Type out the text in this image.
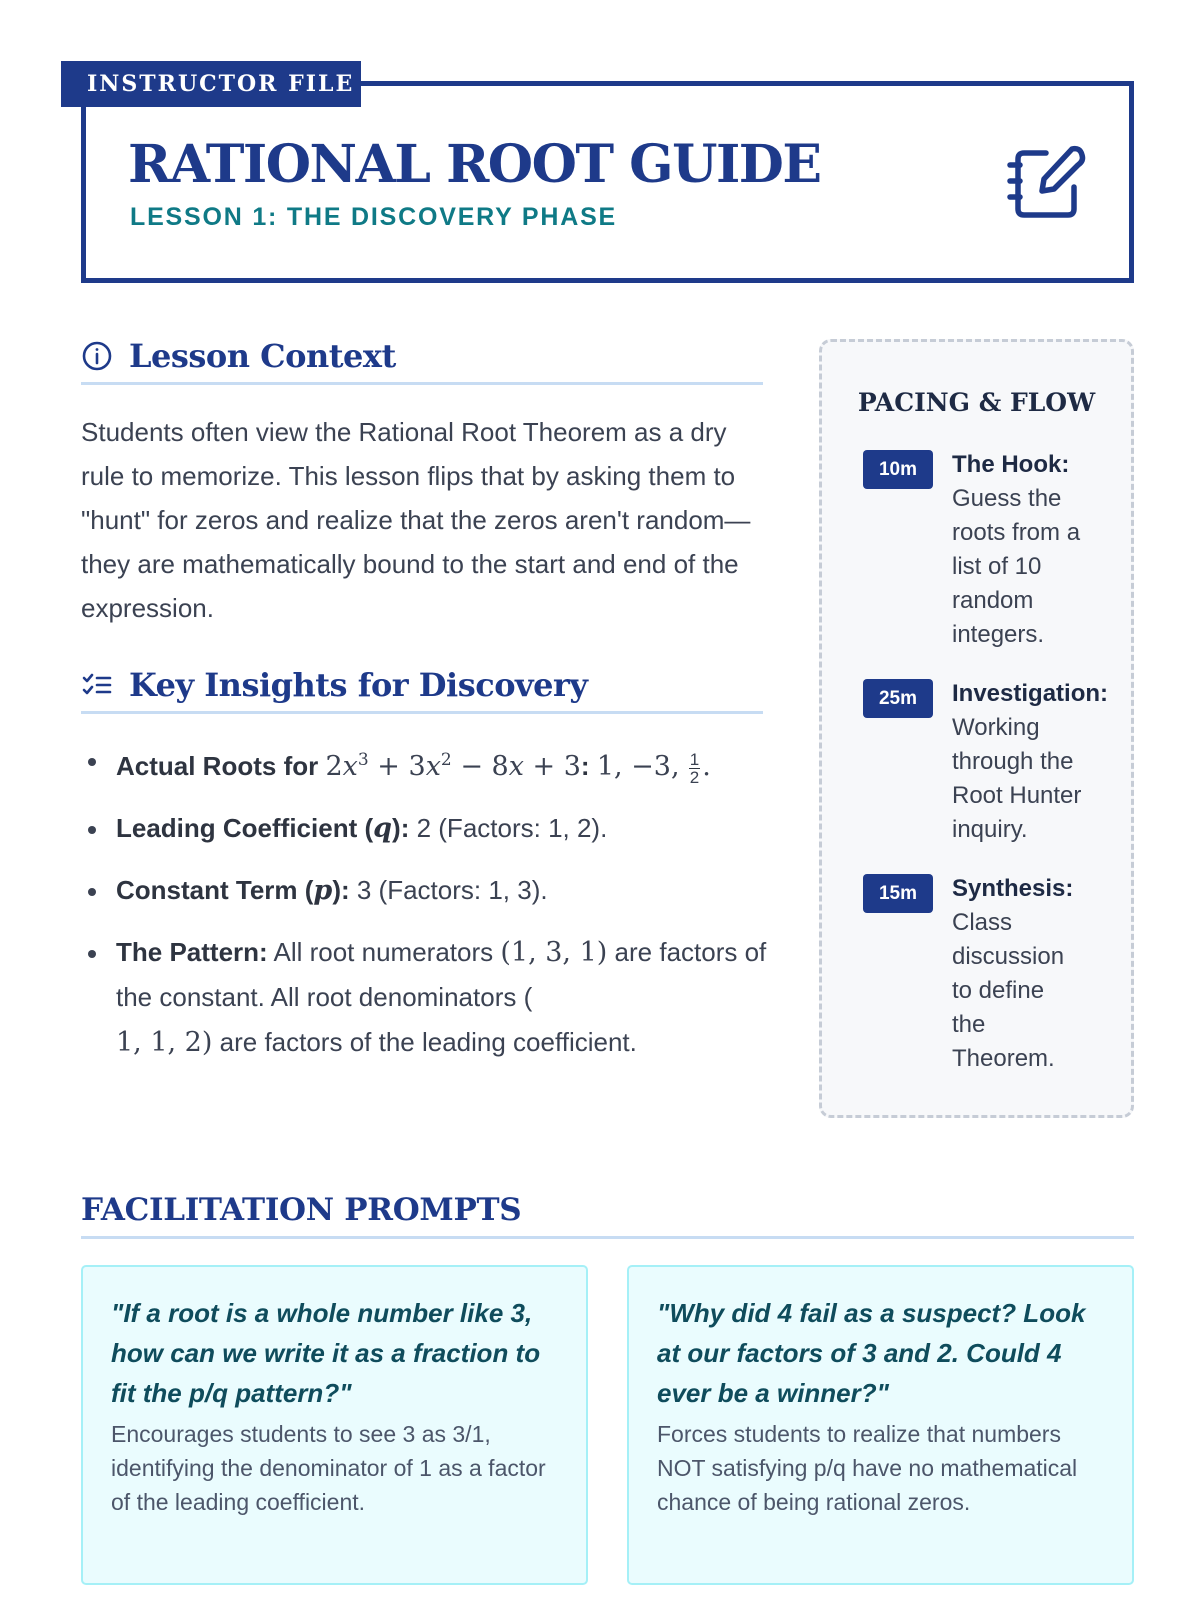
INSTRUCTOR FILE
RATIONAL ROOT GUIDE
LESSON 1: THE DISCOVERY PHASE
Lesson Context

Students often view the Rational Root Theorem as a dry rule to memorize. This lesson flips that by asking them to "hunt" for zeros and realize that the zeros aren't random—they are mathematically bound to the start and end of the expression.

Key Insights for Discovery
Actual Roots for $2x^3 + 3x^2 - 8x + 3$: 1, −3, $\frac{1}{2}$ .
Leading Coefficient (q): 2 (Factors: 1, 2).
Constant Term (p): 3 (Factors: 1, 3).
The Pattern: All root numerators (1, 3, 1) are factors of the constant. All root denominators (
1, 1, 2) are factors of the leading coefficient.
PACING & FLOW
10m	The Hook:
Guess the
roots from a
list of 10
random
integers.
25m	Investigation:
Working
through the
Root Hunter
inquiry.
15m	Synthesis:
Class
discussion
to define
the
Theorem.
FACILITATION PROMPTS
"If a root is a whole number like 3, how can we write it as a fraction to fit the p/q pattern?"
Encourages students to see 3 as 3/1, identifying the denominator of 1 as a factor of the leading coefficient.
"Why did 4 fail as a suspect? Look at our factors of 3 and 2. Could 4 ever be a winner?"
Forces students to realize that numbers NOT satisfying p/q have no mathematical chance of being rational zeros.
